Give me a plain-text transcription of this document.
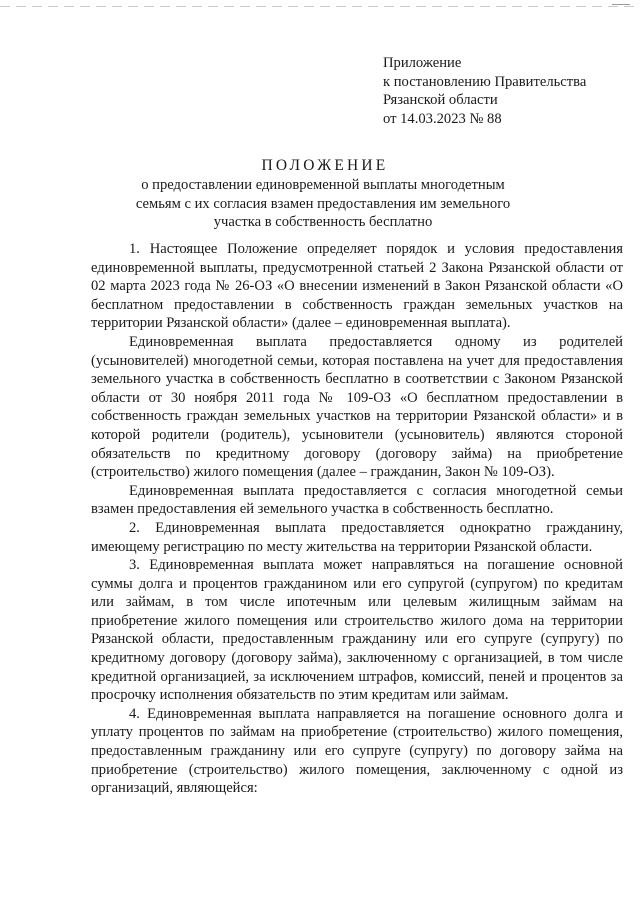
Приложение
к постановлению Правительства
Рязанской области
от 14.03.2023 № 88
ПОЛОЖЕНИЕ
о предоставлении единовременной выплаты многодетным
семьям с их согласия взамен предоставления им земельного
участка в собственность бесплатно

1. Настоящее Положение определяет порядок и условия предоставления единовременной выплаты, предусмотренной статьей 2 Закона Рязанской области от 02 марта 2023 года № 26-ОЗ «О внесении изменений в Закон Рязанской области «О бесплатном предоставлении в собственность граждан земельных участков на территории Рязанской области» (далее – единовременная выплата).

Единовременная выплата предоставляется одному из родителей (усыновителей) многодетной семьи, которая поставлена на учет для предоставления земельного участка в собственность бесплатно в соответствии с Законом Рязанской области от 30 ноября 2011 года № 109-ОЗ «О бесплатном предоставлении в собственность граждан земельных участков на территории Рязанской области» и в которой родители (родитель), усыновители (усыновитель) являются стороной обязательств по кредитному договору (договору займа) на приобретение (строительство) жилого помещения (далее – гражданин, Закон № 109-ОЗ).

Единовременная выплата предоставляется с согласия многодетной семьи взамен предоставления ей земельного участка в собственность бесплатно.

2. Единовременная выплата предоставляется однократно гражданину, имеющему регистрацию по месту жительства на территории Рязанской области.

3. Единовременная выплата может направляться на погашение основной суммы долга и процентов гражданином или его супругой (супругом) по кредитам или займам, в том числе ипотечным или целевым жилищным займам на приобретение жилого помещения или строительство жилого дома на территории Рязанской области, предоставленным гражданину или его супруге (супругу) по кредитному договору (договору займа), заключенному с организацией, в том числе кредитной организацией, за исключением штрафов, комиссий, пеней и процентов за просрочку исполнения обязательств по этим кредитам или займам.

4. Единовременная выплата направляется на погашение основного долга и уплату процентов по займам на приобретение (строительство) жилого помещения, предоставленным гражданину или его супруге (супругу) по договору займа на приобретение (строительство) жилого помещения, заключенному с одной из организаций, являющейся:
